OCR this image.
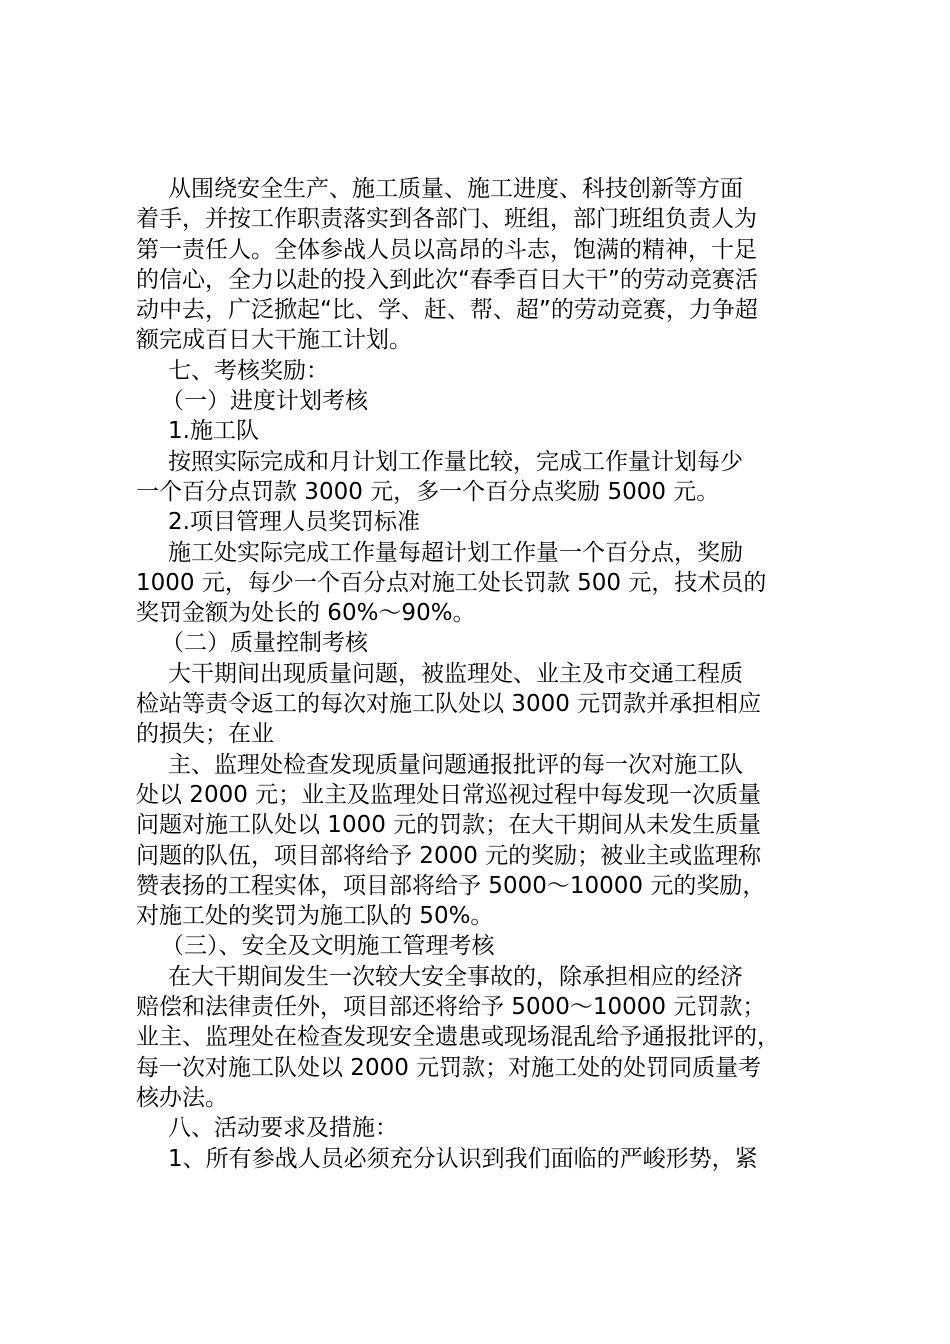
从围绕安全生产、施工质量、施工进度、科技创新等方面
着手，并按工作职责落实到各部门、班组，部门班组负责人为
第一责任人。全体参战人员以高昂的斗志，饱满的精神，十足
的信心，全力以赴的投入到此次“春季百日大干”的劳动竞赛活
动中去，广泛掀起“比、学、赶、帮、超”的劳动竞赛，力争超
额完成百日大干施工计划。
七、考核奖励：
（一）进度计划考核
1.施工队
按照实际完成和月计划工作量比较，完成工作量计划每少
一个百分点罚款 3000 元，多一个百分点奖励 5000 元。
2.项目管理人员奖罚标准
施工处实际完成工作量每超计划工作量一个百分点，奖励
1000 元，每少一个百分点对施工处长罚款 500 元，技术员的
奖罚金额为处长的 60%～90%。
（二）质量控制考核
大干期间出现质量问题，被监理处、业主及市交通工程质
检站等责令返工的每次对施工队处以 3000 元罚款并承担相应
的损失；在业
主、监理处检查发现质量问题通报批评的每一次对施工队
处以 2000 元；业主及监理处日常巡视过程中每发现一次质量
问题对施工队处以 1000 元的罚款；在大干期间从未发生质量
问题的队伍，项目部将给予 2000 元的奖励；被业主或监理称
赞表扬的工程实体，项目部将给予 5000～10000 元的奖励，
对施工处的奖罚为施工队的 50%。
（三）、安全及文明施工管理考核
在大干期间发生一次较大安全事故的，除承担相应的经济
赔偿和法律责任外，项目部还将给予 5000～10000 元罚款；
业主、监理处在检查发现安全遗患或现场混乱给予通报批评的，
每一次对施工队处以 2000 元罚款；对施工处的处罚同质量考
核办法。
八、活动要求及措施：
1、所有参战人员必须充分认识到我们面临的严峻形势，紧
